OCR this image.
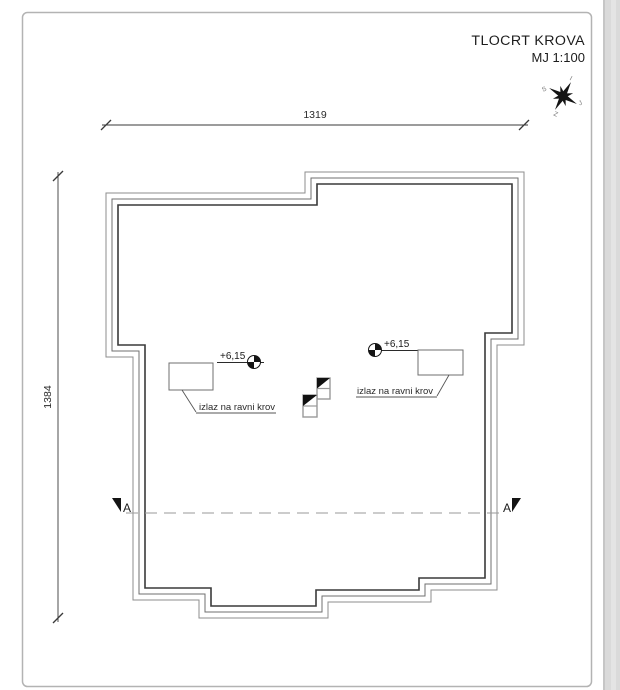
TLOCRT KROVA
MJ 1:100
S
I
J
Z
1319
1384
A	A
+6,15
+6,15
izlaz na ravni krov
izlaz na ravni krov
